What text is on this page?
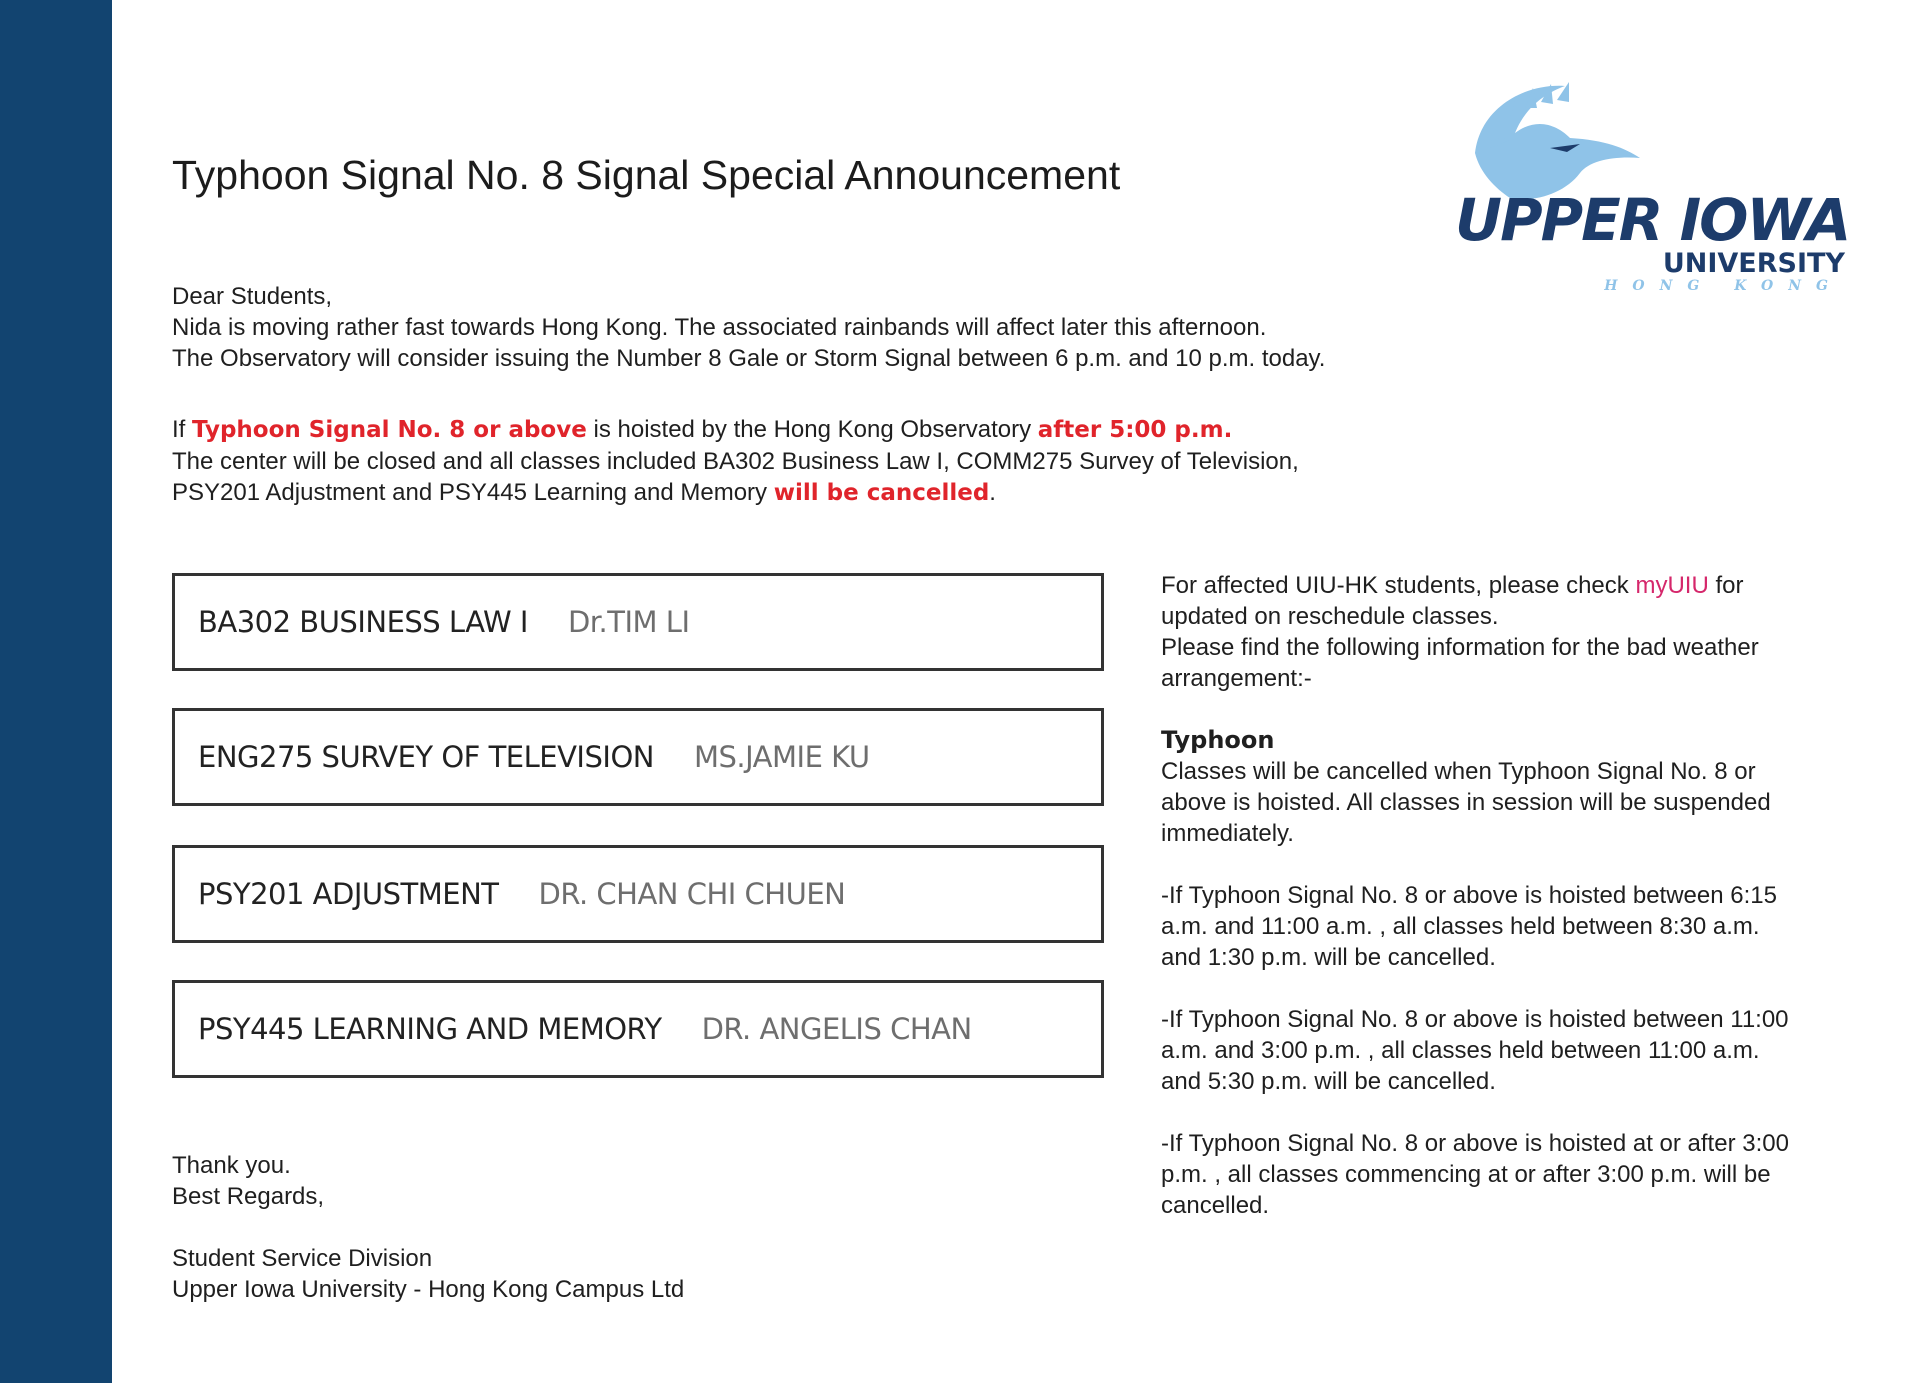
Typhoon Signal No. 8 Signal Special Announcement
UPPER IOWA
UNIVERSITY
HONG KONG
Dear Students,
Nida is moving rather fast towards Hong Kong. The associated rainbands will affect later this afternoon.
The Observatory will consider issuing the Number 8 Gale or Storm Signal between 6 p.m. and 10 p.m. today.
If Typhoon Signal No. 8 or above is hoisted by the Hong Kong Observatory after 5:00 p.m.
The center will be closed and all classes included BA302 Business Law I, COMM275 Survey of Television,
PSY201 Adjustment and PSY445 Learning and Memory will be cancelled.
BA302 BUSINESS LAW I Dr.TIM LI
ENG275 SURVEY OF TELEVISION MS.JAMIE KU
PSY201 ADJUSTMENT DR. CHAN CHI CHUEN
PSY445 LEARNING AND MEMORY DR. ANGELIS CHAN
For affected UIU-HK students, please check myUIU for
updated on reschedule classes.
Please find the following information for the bad weather
arrangement:-
Typhoon
Classes will be cancelled when Typhoon Signal No. 8 or
above is hoisted. All classes in session will be suspended
immediately.
-If Typhoon Signal No. 8 or above is hoisted between 6:15
a.m. and 11:00 a.m. , all classes held between 8:30 a.m.
and 1:30 p.m. will be cancelled.
-If Typhoon Signal No. 8 or above is hoisted between 11:00
a.m. and 3:00 p.m. , all classes held between 11:00 a.m.
and 5:30 p.m. will be cancelled.
-If Typhoon Signal No. 8 or above is hoisted at or after 3:00
p.m. , all classes commencing at or after 3:00 p.m. will be
cancelled.
Thank you.
Best Regards,
Student Service Division
Upper Iowa University - Hong Kong Campus Ltd
